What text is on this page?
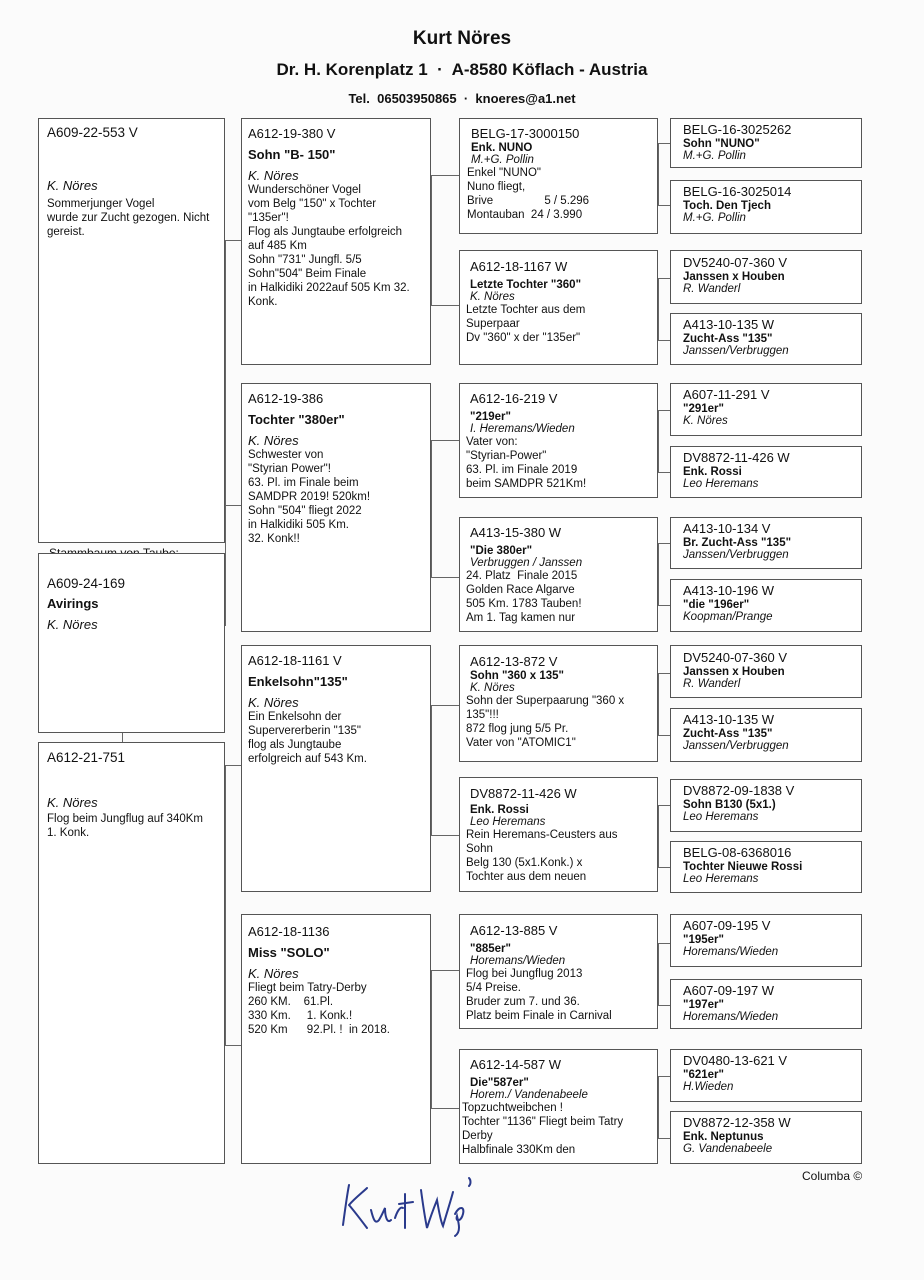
Kurt Nöres
Dr. H. Korenplatz 1  ·  A-8580 Köflach - Austria
Tel.  06503950865  ·  knoeres@a1.net
A609-22-553 V
K. Nöres
Sommerjunger Vogel
wurde zur Zucht gezogen. Nicht
gereist.
A609-24-169
Avirings
K. Nöres
A612-21-751
K. Nöres
Flog beim Jungflug auf 340Km
1. Konk.
A612-19-380 V
Sohn "B- 150"
K. Nöres
Wunderschöner Vogel
vom Belg "150" x Tochter
"135er"!
Flog als Jungtaube erfolgreich
auf 485 Km
Sohn "731" Jungfl. 5/5
Sohn"504" Beim Finale
in Halkidiki 2022auf 505 Km 32.
Konk.
A612-19-386
Tochter "380er"
K. Nöres
Schwester von
"Styrian Power"!
63. Pl. im Finale beim
SAMDPR 2019! 520km!
Sohn "504" fliegt 2022
in Halkidiki 505 Km.
32. Konk!!
A612-18-1161 V
Enkelsohn"135"
K. Nöres
Ein Enkelsohn der
Supervererberin "135"
flog als Jungtaube
erfolgreich auf 543 Km.
A612-18-1136
Miss "SOLO"
K. Nöres
Fliegt beim Tatry-Derby
260 KM.    61.Pl.
330 Km.     1. Konk.!
520 Km      92.Pl. !  in 2018.
BELG-17-3000150
Enk. NUNO
M.+G. Pollin
Enkel "NUNO"
Nuno fliegt,
Brive                5 / 5.296
Montauban  24 / 3.990
A612-18-1167 W
Letzte Tochter "360"
K. Nöres
Letzte Tochter aus dem
Superpaar
Dv "360" x der "135er"
A612-16-219 V
"219er"
I. Heremans/Wieden
Vater von:
"Styrian-Power"
63. Pl. im Finale 2019
beim SAMDPR 521Km!
A413-15-380 W
"Die 380er"
Verbruggen / Janssen
24. Platz  Finale 2015
Golden Race Algarve
505 Km. 1783 Tauben!
Am 1. Tag kamen nur
A612-13-872 V
Sohn "360 x 135"
K. Nöres
Sohn der Superpaarung "360 x
135"!!!
872 flog jung 5/5 Pr.
Vater von "ATOMIC1"
DV8872-11-426 W
Enk. Rossi
Leo Heremans
Rein Heremans-Ceusters aus
Sohn
Belg 130 (5x1.Konk.) x
Tochter aus dem neuen
A612-13-885 V
"885er"
Horemans/Wieden
Flog bei Jungflug 2013
5/4 Preise.
Bruder zum 7. und 36.
Platz beim Finale in Carnival
A612-14-587 W
Die"587er"
Horem./ Vandenabeele
Topzuchtweibchen !
Tochter "1136" Fliegt beim Tatry
Derby
Halbfinale 330Km den
BELG-16-3025262
Sohn "NUNO"
M.+G. Pollin
BELG-16-3025014
Toch. Den Tjech
M.+G. Pollin
DV5240-07-360 V
Janssen x Houben
R. Wanderl
A413-10-135 W
Zucht-Ass "135"
Janssen/Verbruggen
A607-11-291 V
"291er"
K. Nöres
DV8872-11-426 W
Enk. Rossi
Leo Heremans
A413-10-134 V
Br. Zucht-Ass "135"
Janssen/Verbruggen
A413-10-196 W
"die "196er"
Koopman/Prange
DV5240-07-360 V
Janssen x Houben
R. Wanderl
A413-10-135 W
Zucht-Ass "135"
Janssen/Verbruggen
DV8872-09-1838 V
Sohn B130 (5x1.)
Leo Heremans
BELG-08-6368016
Tochter Nieuwe Rossi
Leo Heremans
A607-09-195 V
"195er"
Horemans/Wieden
A607-09-197 W
"197er"
Horemans/Wieden
DV0480-13-621 V
"621er"
H.Wieden
DV8872-12-358 W
Enk. Neptunus
G. Vandenabeele
Columba ©
